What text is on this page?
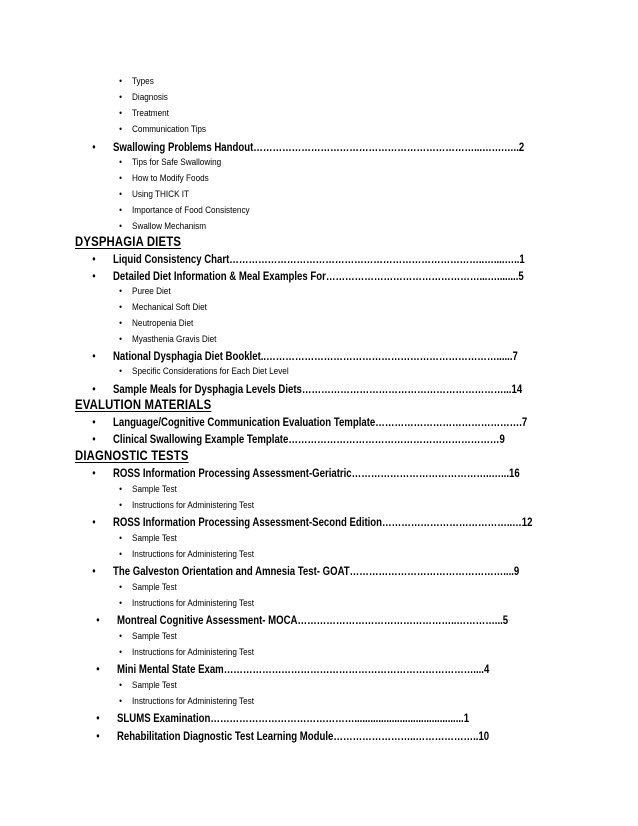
• Types
• Diagnosis
• Treatment
• Communication Tips
• Swallowing Problems Handout……………………………………………………………...…….…..2
• Tips for Safe Swallowing
• How to Modify Foods
• Using THICK IT
• Importance of Food Consistency
• Swallow Mechanism
DYSPHAGIA DIETS
• Liquid Consistency Chart……………………………………………………………………..…....…..1
• Detailed Diet Information & Meal Examples For…………………………………………...…........5
• Puree Diet
• Mechanical Soft Diet
• Neutropenia Diet
• Myasthenia Gravis Diet
• National Dysphagia Diet Booklet..………………………………………………………………......7
• Specific Considerations for Each Diet Level
• Sample Meals for Dysphagia Levels Diets………………………………………………………...14
EVALUTION MATERIALS
• Language/Cognitive Communication Evaluation Template……………………………………….7
• Clinical Swallowing Example Template…………………………………………………………9
DIAGNOSTIC TESTS
• ROSS Information Processing Assessment-Geriatric……………………………………..…...16
• Sample Test
• Instructions for Administering Test
• ROSS Information Processing Assessment-Second Edition…………………………………..…12
• Sample Test
• Instructions for Administering Test
• The Galveston Orientation and Amnesia Test- GOAT…………………………………………....9
• Sample Test
• Instructions for Administering Test
• Montreal Cognitive Assessment- MOCA…………………………………………..…………...5
• Sample Test
• Instructions for Administering Test
• Mini Mental State Exam……………………………………………………………………....4
• Sample Test
• Instructions for Administering Test
• SLUMS Examination……………………………………….........................................1
• Rehabilitation Diagnostic Test Learning Module……………………..………………..10
